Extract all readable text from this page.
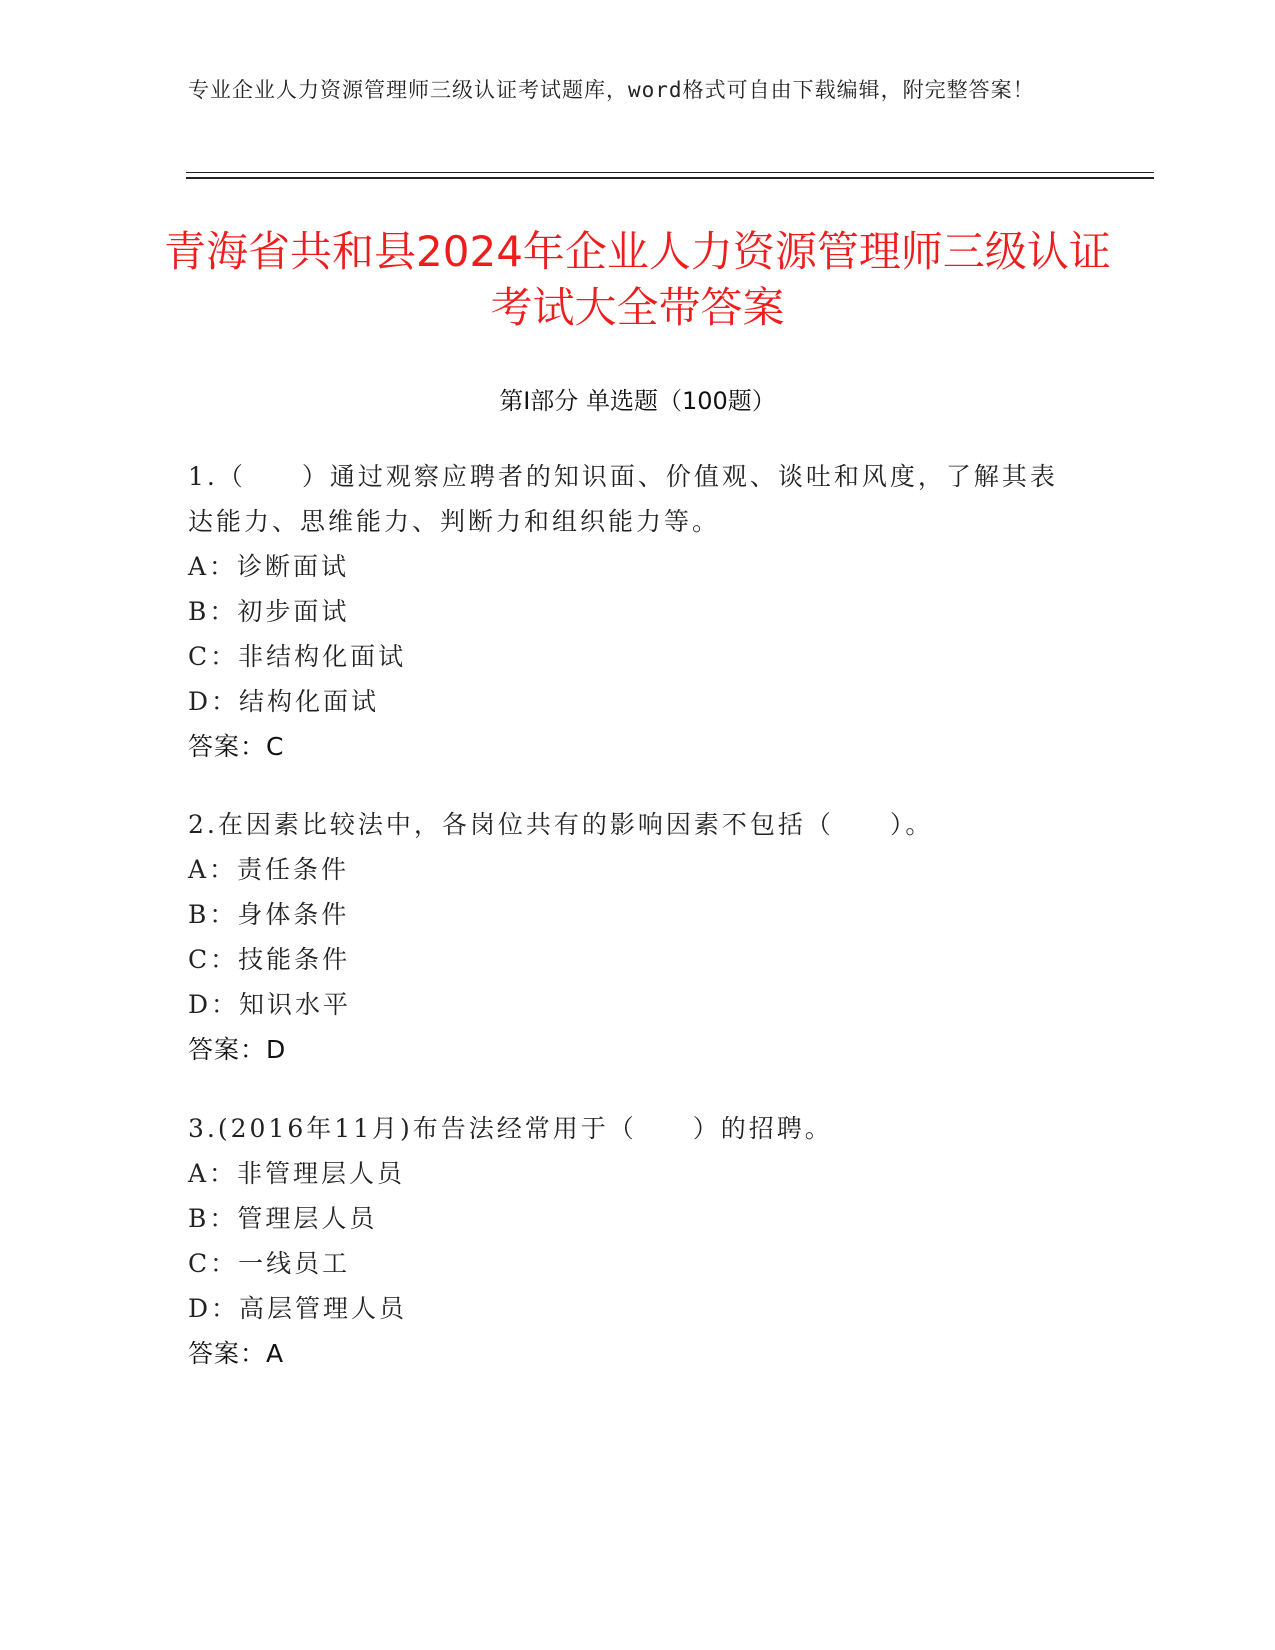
专业企业人力资源管理师三级认证考试题库，word格式可自由下载编辑，附完整答案！
青海省共和县2024年企业人力资源管理师三级认证考试大全带答案
第Ⅰ部分 单选题（100题）
1.（　　）通过观察应聘者的知识面、价值观、谈吐和风度，了解其表达能力、思维能力、判断力和组织能力等。
A：诊断面试
B：初步面试
C：非结构化面试
D：结构化面试
答案：C
2.在因素比较法中，各岗位共有的影响因素不包括（　　）。
A：责任条件
B：身体条件
C：技能条件
D：知识水平
答案：D
3.(2016年11月)布告法经常用于（　　）的招聘。
A：非管理层人员
B：管理层人员
C：一线员工
D：高层管理人员
答案：A
